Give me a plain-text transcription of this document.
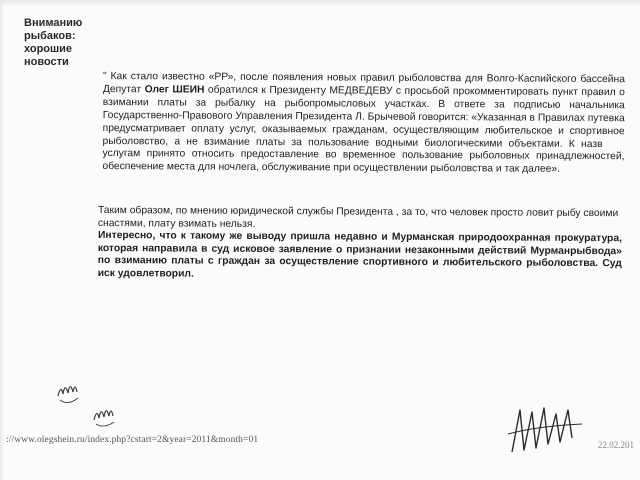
Вниманию
рыбаков:
хорошие
новости
" Как стало известно «РР», после появления новых правил рыболовства для Волго-Каспийского бассейна Депутат Олег ШЕИН обратился к Президенту МЕДВЕДЕВУ с просьбой прокомментировать пункт правил о взимании платы за рыбалку на рыбопромысловых участках. В ответе за подписью начальника Государственно-Правового Управления Президента Л. Брычевой говорится: «Указанная в Правилах путевка предусматривает оплату услуг, оказываемых гражданам, осуществляющим любительское и спортивное рыболовство, а не взимание платы за пользование водными биологическими объектами. К назв услугам принято относить предоставление во временное пользование рыболовных принадлежностей, обеспечение места для ночлега, обслуживание при осуществлении рыболовства и так далее».
Таким образом, по мнению юридической службы Президента , за то, что человек просто ловит рыбу своими снастями, плату взимать нельзя.
Интересно, что к такому же выводу пришла недавно и Мурманская природоохранная прокуратура, которая направила в суд исковое заявление о признании незаконными действий Мурманрыбвода» по взиманию платы с граждан за осуществление спортивного и любительского рыболовства. Суд иск удовлетворил.
://www.olegshein.ru/index.php?cstart=2&year=2011&month=01	22.02.201
